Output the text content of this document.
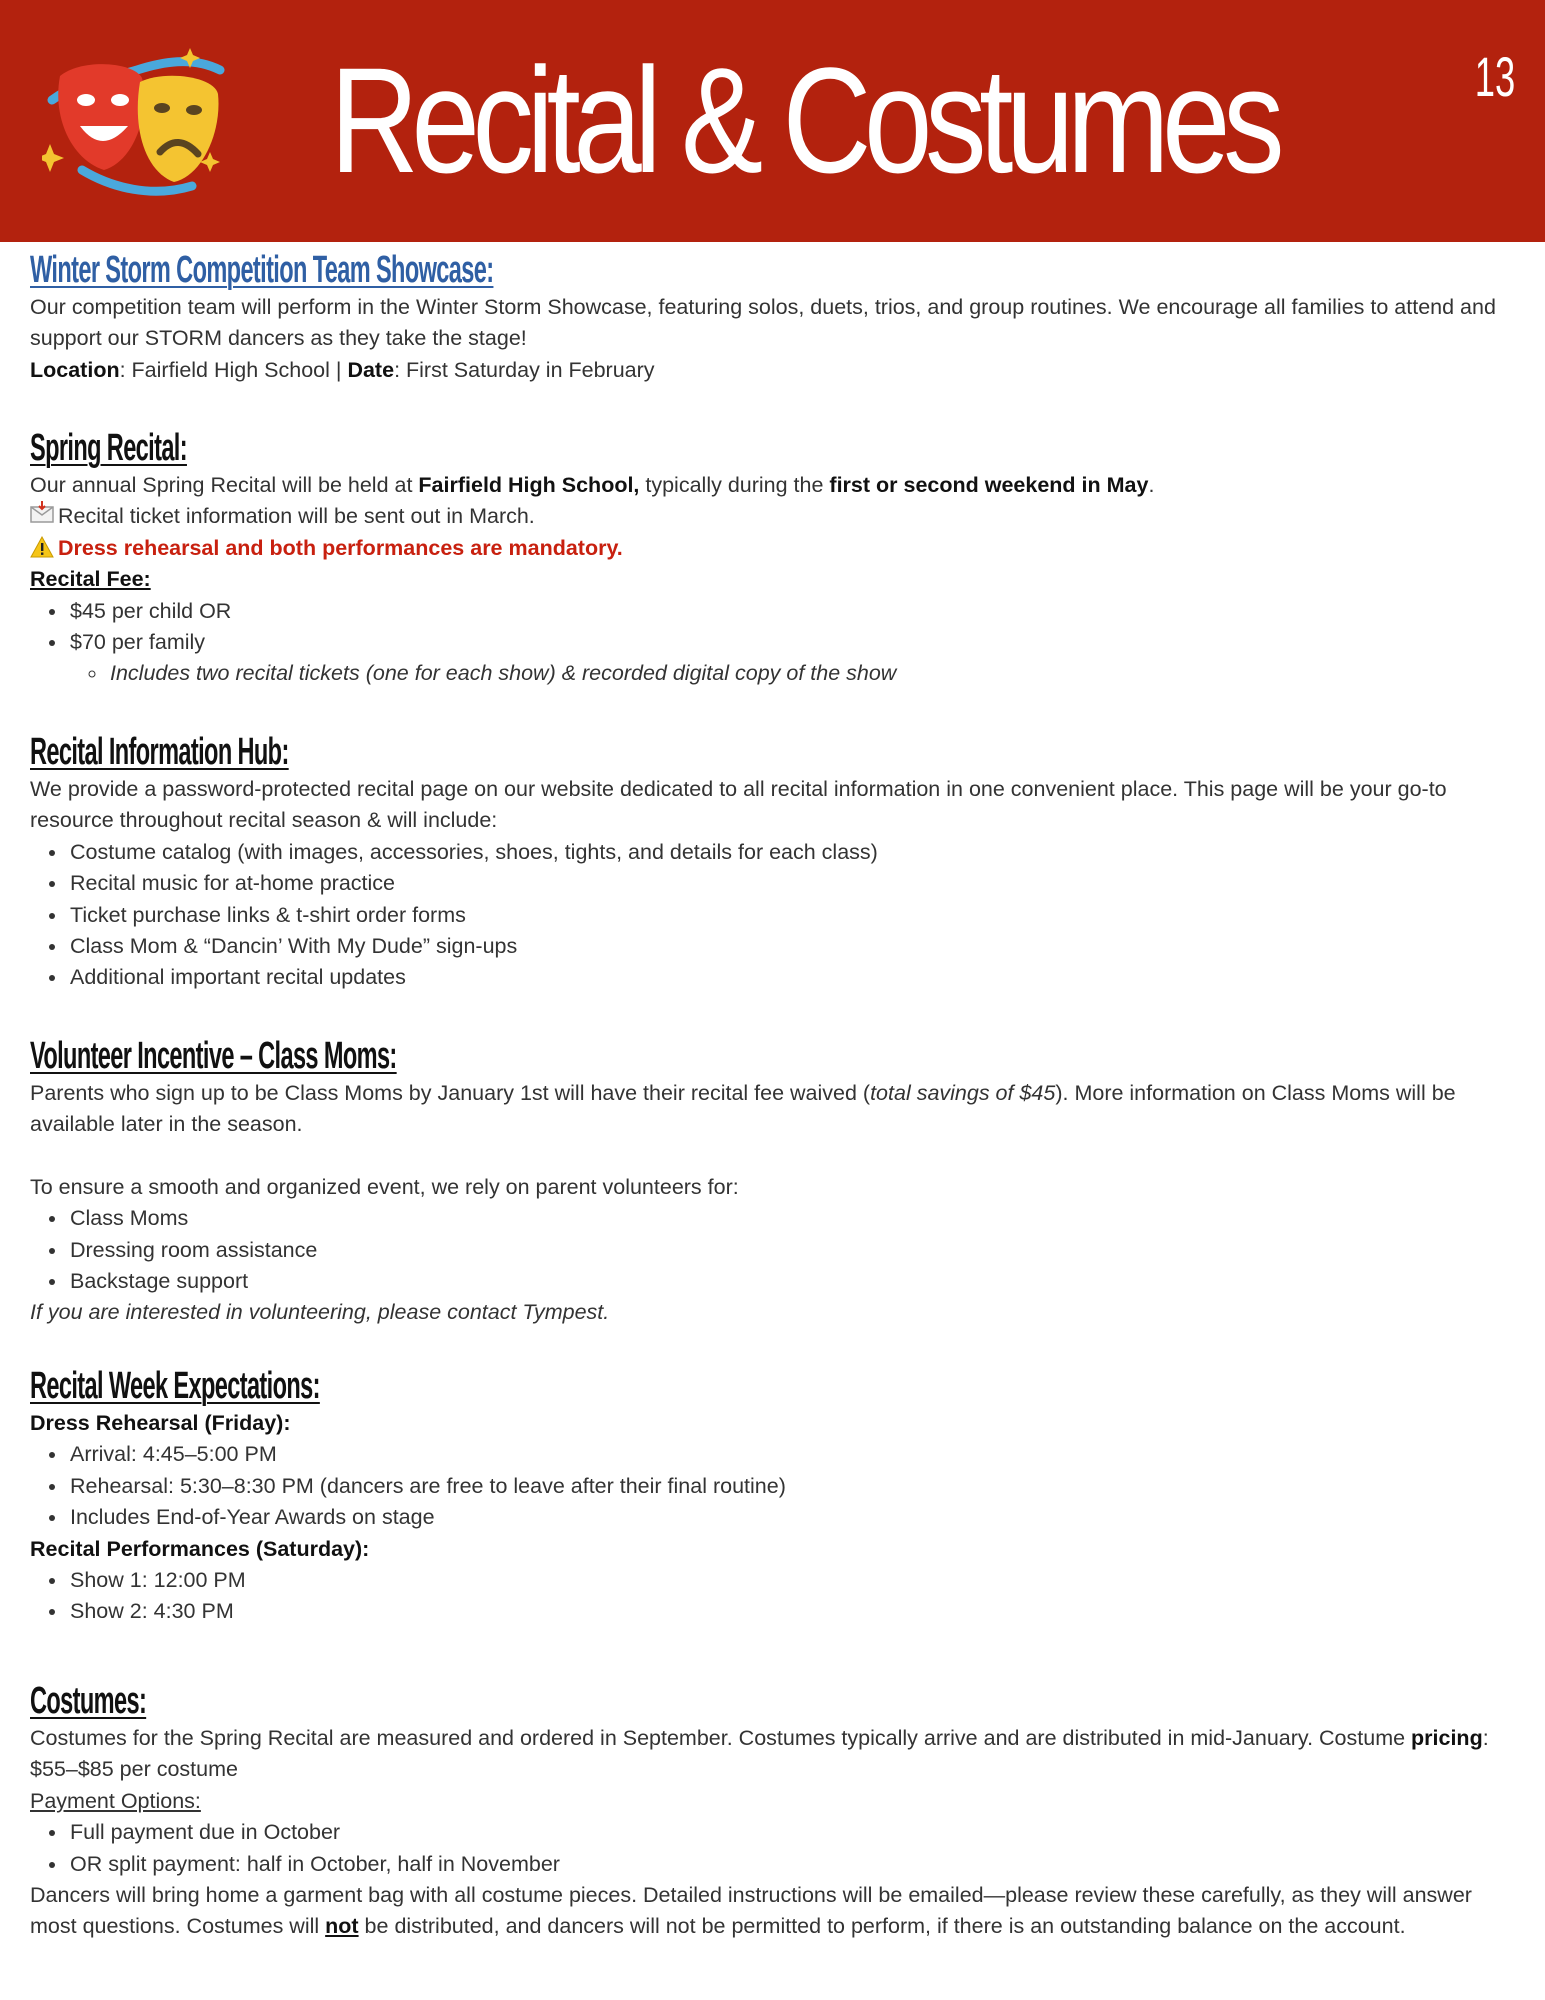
Recital & Costumes	13
Winter Storm Competition Team Showcase:

Our competition team will perform in the Winter Storm Showcase, featuring solos, duets, trios, and group routines. We encourage all families to attend and support our STORM dancers as they take the stage!

Location: Fairfield High School | Date: First Saturday in February

Spring Recital:

Our annual Spring Recital will be held at Fairfield High School, typically during the first or second weekend in May.

Recital ticket information will be sent out in March.

Dress rehearsal and both performances are mandatory.

Recital Fee:

• $45 per child OR
• $70 per family
◦ Includes two recital tickets (one for each show) & recorded digital copy of the show
Recital Information Hub:

We provide a password-protected recital page on our website dedicated to all recital information in one convenient place. This page will be your go-to resource throughout recital season & will include:

• Costume catalog (with images, accessories, shoes, tights, and details for each class)
• Recital music for at-home practice
• Ticket purchase links & t-shirt order forms
• Class Mom & “Dancin’ With My Dude” sign-ups
• Additional important recital updates
Volunteer Incentive – Class Moms:

Parents who sign up to be Class Moms by January 1st will have their recital fee waived (total savings of $45). More information on Class Moms will be available later in the season.

To ensure a smooth and organized event, we rely on parent volunteers for:

• Class Moms
• Dressing room assistance
• Backstage support

If you are interested in volunteering, please contact Tympest.

Recital Week Expectations:

Dress Rehearsal (Friday):

• Arrival: 4:45–5:00 PM
• Rehearsal: 5:30–8:30 PM (dancers are free to leave after their final routine)
• Includes End-of-Year Awards on stage

Recital Performances (Saturday):

• Show 1: 12:00 PM
• Show 2: 4:30 PM
Costumes:

Costumes for the Spring Recital are measured and ordered in September. Costumes typically arrive and are distributed in mid-January. Costume pricing: $55–$85 per costume

Payment Options:

• Full payment due in October
• OR split payment: half in October, half in November

Dancers will bring home a garment bag with all costume pieces. Detailed instructions will be emailed—please review these carefully, as they will answer most questions. Costumes will not be distributed, and dancers will not be permitted to perform, if there is an outstanding balance on the account.
